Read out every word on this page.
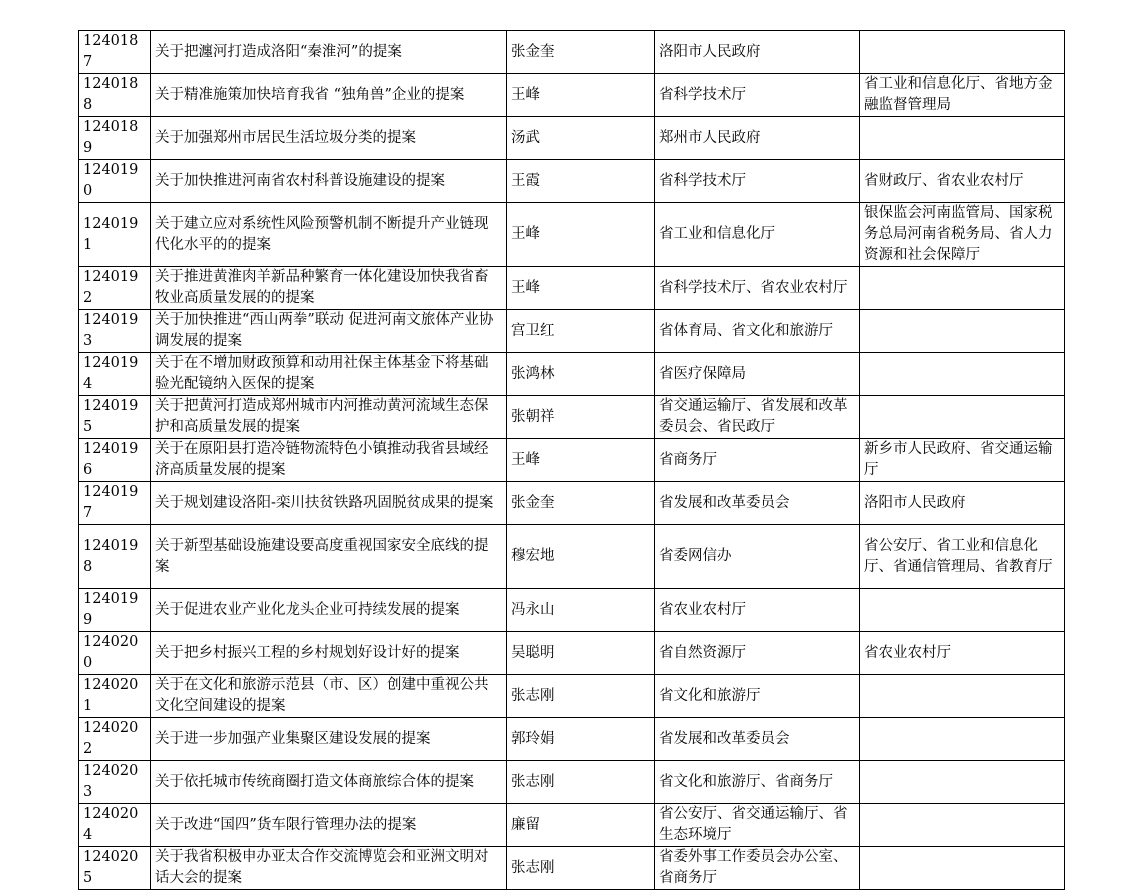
1240187	关于把瀍河打造成洛阳“秦淮河”的提案	张金奎	洛阳市人民政府	
1240188	关于精准施策加快培育我省 “独角兽”企业的提案	王峰	省科学技术厅	省工业和信息化厅、省地方金融监督管理局
1240189	关于加强郑州市居民生活垃圾分类的提案	汤武	郑州市人民政府	
1240190	关于加快推进河南省农村科普设施建设的提案	王霞	省科学技术厅	省财政厅、省农业农村厅
1240191	关于建立应对系统性风险预警机制不断提升产业链现代化水平的的提案	王峰	省工业和信息化厅	银保监会河南监管局、国家税务总局河南省税务局、省人力资源和社会保障厅
1240192	关于推进黄淮肉羊新品种繁育一体化建设加快我省畜牧业高质量发展的的提案	王峰	省科学技术厅、省农业农村厅	
1240193	关于加快推进“西山两拳”联动 促进河南文旅体产业协调发展的提案	宫卫红	省体育局、省文化和旅游厅	
1240194	关于在不增加财政预算和动用社保主体基金下将基础验光配镜纳入医保的提案	张鸿林	省医疗保障局	
1240195	关于把黄河打造成郑州城市内河推动黄河流域生态保护和高质量发展的提案	张朝祥	省交通运输厅、省发展和改革委员会、省民政厅	
1240196	关于在原阳县打造冷链物流特色小镇推动我省县域经济高质量发展的提案	王峰	省商务厅	新乡市人民政府、省交通运输厅
1240197	关于规划建设洛阳-栾川扶贫铁路巩固脱贫成果的提案	张金奎	省发展和改革委员会	洛阳市人民政府
1240198	关于新型基础设施建设要高度重视国家安全底线的提案	穆宏地	省委网信办	省公安厅、省工业和信息化厅、省通信管理局、省教育厅
1240199	关于促进农业产业化龙头企业可持续发展的提案	冯永山	省农业农村厅	
1240200	关于把乡村振兴工程的乡村规划好设计好的提案	吴聪明	省自然资源厅	省农业农村厅
1240201	关于在文化和旅游示范县（市、区）创建中重视公共文化空间建设的提案	张志刚	省文化和旅游厅	
1240202	关于进一步加强产业集聚区建设发展的提案	郭玲娟	省发展和改革委员会	
1240203	关于依托城市传统商圈打造文体商旅综合体的提案	张志刚	省文化和旅游厅、省商务厅	
1240204	关于改进“国四”货车限行管理办法的提案	廉留	省公安厅、省交通运输厅、省生态环境厅	
1240205	关于我省积极申办亚太合作交流博览会和亚洲文明对话大会的提案	张志刚	省委外事工作委员会办公室、省商务厅	
